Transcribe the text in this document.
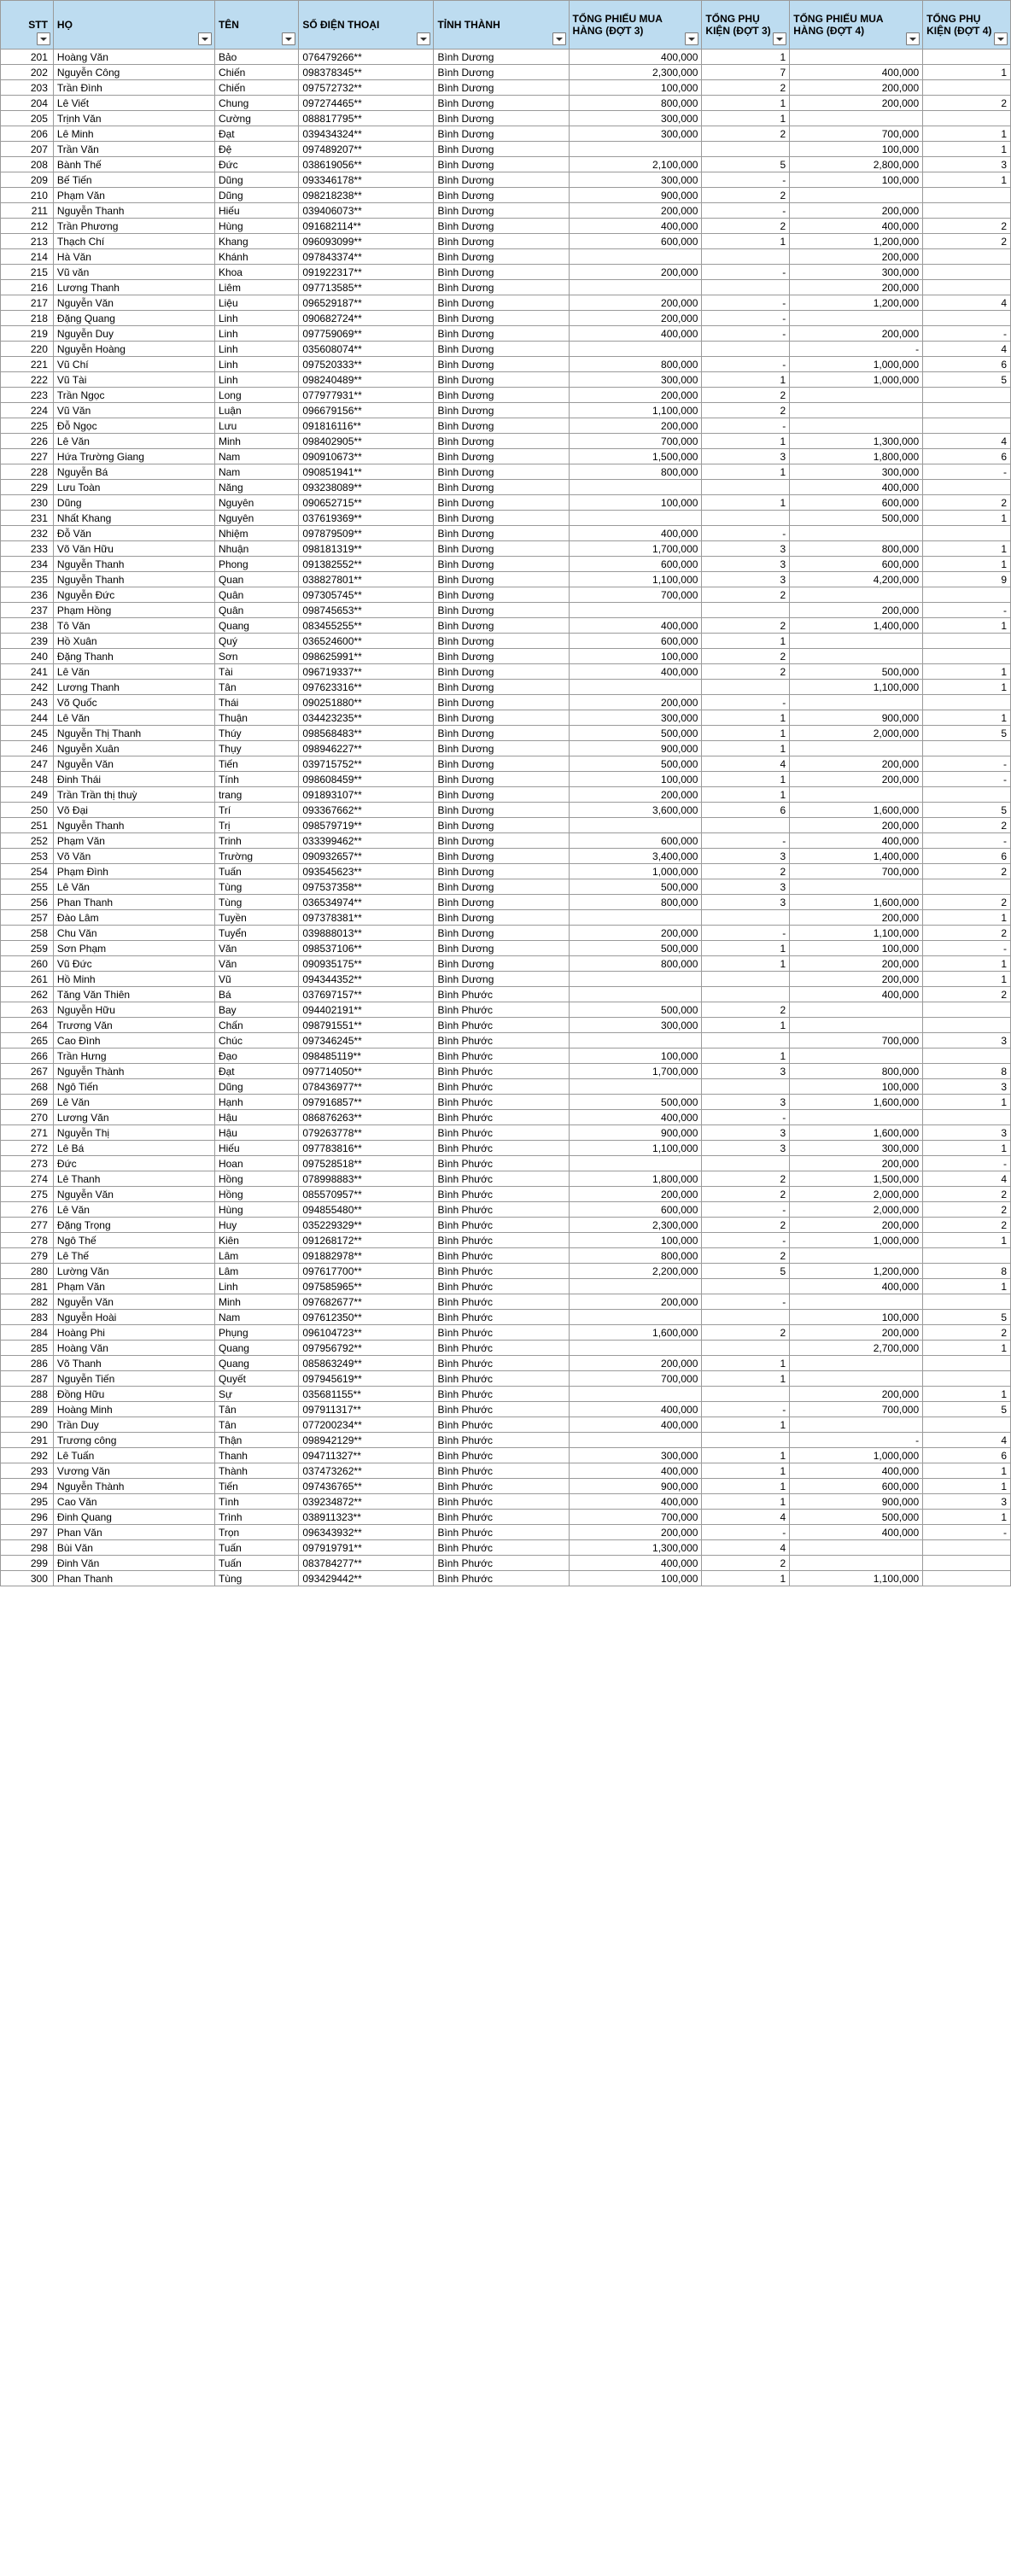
STT	HỌ	TÊN	SỐ ĐIỆN THOẠI	TỈNH THÀNH	TỔNG PHIẾU MUA HÀNG (ĐỢT 3)	TỔNG PHỤ KIỆN (ĐỢT 3)	TỔNG PHIẾU MUA HÀNG (ĐỢT 4)	TỔNG PHỤ KIỆN (ĐỢT 4)

201	Hoàng Văn	Bảo	076479266**	Bình Dương	400,000	1		
202	Nguyễn Công	Chiến	098378345**	Bình Dương	2,300,000	7	400,000	1
203	Trần Đình	Chiến	097572732**	Bình Dương	100,000	2	200,000	
204	Lê Viết	Chung	097274465**	Bình Dương	800,000	1	200,000	2
205	Trịnh Văn	Cường	088817795**	Bình Dương	300,000	1		
206	Lê Minh	Đạt	039434324**	Bình Dương	300,000	2	700,000	1
207	Trần Văn	Đệ	097489207**	Bình Dương			100,000	1
208	Bành Thế	Đức	038619056**	Bình Dương	2,100,000	5	2,800,000	3
209	Bế Tiến	Dũng	093346178**	Bình Dương	300,000	-	100,000	1
210	Phạm Văn	Dũng	098218238**	Bình Dương	900,000	2		
211	Nguyễn Thanh	Hiếu	039406073**	Bình Dương	200,000	-	200,000	
212	Trần Phương	Hùng	091682114**	Bình Dương	400,000	2	400,000	2
213	Thạch Chí	Khang	096093099**	Bình Dương	600,000	1	1,200,000	2
214	Hà Văn	Khánh	097843374**	Bình Dương			200,000	
215	Vũ văn	Khoa	091922317**	Bình Dương	200,000	-	300,000	
216	Lương Thanh	Liêm	097713585**	Bình Dương			200,000	
217	Nguyễn Văn	Liệu	096529187**	Bình Dương	200,000	-	1,200,000	4
218	Đặng Quang	Linh	090682724**	Bình Dương	200,000	-		
219	Nguyễn Duy	Linh	097759069**	Bình Dương	400,000	-	200,000	-
220	Nguyễn Hoàng	Linh	035608074**	Bình Dương			-	4
221	Vũ Chí	Linh	097520333**	Bình Dương	800,000	-	1,000,000	6
222	Vũ Tài	Linh	098240489**	Bình Dương	300,000	1	1,000,000	5
223	Trần Ngọc	Long	077977931**	Bình Dương	200,000	2		
224	Vũ Văn	Luận	096679156**	Bình Dương	1,100,000	2		
225	Đỗ Ngọc	Lưu	091816116**	Bình Dương	200,000	-		
226	Lê Văn	Minh	098402905**	Bình Dương	700,000	1	1,300,000	4
227	Hứa Trường Giang	Nam	090910673**	Bình Dương	1,500,000	3	1,800,000	6
228	Nguyễn Bá	Nam	090851941**	Bình Dương	800,000	1	300,000	-
229	Lưu Toàn	Năng	093238089**	Bình Dương			400,000	
230	Dũng	Nguyên	090652715**	Bình Dương	100,000	1	600,000	2
231	Nhất Khang	Nguyên	037619369**	Bình Dương			500,000	1
232	Đỗ Văn	Nhiệm	097879509**	Bình Dương	400,000	-		
233	Võ Văn Hữu	Nhuận	098181319**	Bình Dương	1,700,000	3	800,000	1
234	Nguyễn Thanh	Phong	091382552**	Bình Dương	600,000	3	600,000	1
235	Nguyễn Thanh	Quan	038827801**	Bình Dương	1,100,000	3	4,200,000	9
236	Nguyễn Đức	Quân	097305745**	Bình Dương	700,000	2		
237	Phạm Hồng	Quân	098745653**	Bình Dương			200,000	-
238	Tô Văn	Quang	083455255**	Bình Dương	400,000	2	1,400,000	1
239	Hồ Xuân	Quý	036524600**	Bình Dương	600,000	1		
240	Đặng Thanh	Sơn	098625991**	Bình Dương	100,000	2		
241	Lê Văn	Tài	096719337**	Bình Dương	400,000	2	500,000	1
242	Lương Thanh	Tân	097623316**	Bình Dương			1,100,000	1
243	Võ Quốc	Thái	090251880**	Bình Dương	200,000	-		
244	Lê Văn	Thuận	034423235**	Bình Dương	300,000	1	900,000	1
245	Nguyễn Thị Thanh	Thúy	098568483**	Bình Dương	500,000	1	2,000,000	5
246	Nguyễn Xuân	Thụy	098946227**	Bình Dương	900,000	1		
247	Nguyễn Văn	Tiến	039715752**	Bình Dương	500,000	4	200,000	-
248	Đinh Thái	Tính	098608459**	Bình Dương	100,000	1	200,000	-
249	Trần Trần thị thuỳ	trang	091893107**	Bình Dương	200,000	1		
250	Võ Đại	Trí	093367662**	Bình Dương	3,600,000	6	1,600,000	5
251	Nguyễn Thanh	Trị	098579719**	Bình Dương			200,000	2
252	Phạm Văn	Trinh	033399462**	Bình Dương	600,000	-	400,000	-
253	Võ Văn	Trường	090932657**	Bình Dương	3,400,000	3	1,400,000	6
254	Phạm Đình	Tuấn	093545623**	Bình Dương	1,000,000	2	700,000	2
255	Lê Văn	Tùng	097537358**	Bình Dương	500,000	3		
256	Phan Thanh	Tùng	036534974**	Bình Dương	800,000	3	1,600,000	2
257	Đào Lâm	Tuyền	097378381**	Bình Dương			200,000	1
258	Chu Văn	Tuyển	039888013**	Bình Dương	200,000	-	1,100,000	2
259	Sơn Phạm	Văn	098537106**	Bình Dương	500,000	1	100,000	-
260	Vũ Đức	Văn	090935175**	Bình Dương	800,000	1	200,000	1
261	Hồ Minh	Vũ	094344352**	Bình Dương			200,000	1
262	Tăng Văn Thiên	Bá	037697157**	Bình Phước			400,000	2
263	Nguyễn Hữu	Bay	094402191**	Bình Phước	500,000	2		
264	Trương Văn	Chấn	098791551**	Bình Phước	300,000	1		
265	Cao Đình	Chúc	097346245**	Bình Phước			700,000	3
266	Trần Hưng	Đạo	098485119**	Bình Phước	100,000	1		
267	Nguyễn Thành	Đạt	097714050**	Bình Phước	1,700,000	3	800,000	8
268	Ngô Tiến	Dũng	078436977**	Bình Phước			100,000	3
269	Lê Văn	Hạnh	097916857**	Bình Phước	500,000	3	1,600,000	1
270	Lương Văn	Hậu	086876263**	Bình Phước	400,000	-		
271	Nguyễn Thị	Hậu	079263778**	Bình Phước	900,000	3	1,600,000	3
272	Lê Bá	Hiếu	097783816**	Bình Phước	1,100,000	3	300,000	1
273	Đức	Hoan	097528518**	Bình Phước			200,000	-
274	Lê Thanh	Hồng	078998883**	Bình Phước	1,800,000	2	1,500,000	4
275	Nguyễn Văn	Hồng	085570957**	Bình Phước	200,000	2	2,000,000	2
276	Lê Văn	Hùng	094855480**	Bình Phước	600,000	-	2,000,000	2
277	Đặng Trọng	Huy	035229329**	Bình Phước	2,300,000	2	200,000	2
278	Ngô Thế	Kiên	091268172**	Bình Phước	100,000	-	1,000,000	1
279	Lê Thế	Lâm	091882978**	Bình Phước	800,000	2		
280	Lường Văn	Lâm	097617700**	Bình Phước	2,200,000	5	1,200,000	8
281	Phạm Văn	Linh	097585965**	Bình Phước			400,000	1
282	Nguyễn Văn	Minh	097682677**	Bình Phước	200,000	-		
283	Nguyễn Hoài	Nam	097612350**	Bình Phước			100,000	5
284	Hoàng Phi	Phụng	096104723**	Bình Phước	1,600,000	2	200,000	2
285	Hoàng Văn	Quang	097956792**	Bình Phước			2,700,000	1
286	Võ Thanh	Quang	085863249**	Bình Phước	200,000	1		
287	Nguyễn Tiến	Quyết	097945619**	Bình Phước	700,000	1		
288	Đồng Hữu	Sự	035681155**	Bình Phước			200,000	1
289	Hoàng Minh	Tân	097911317**	Bình Phước	400,000	-	700,000	5
290	Trần Duy	Tân	077200234**	Bình Phước	400,000	1		
291	Trương công	Thận	098942129**	Bình Phước			-	4
292	Lê Tuấn	Thanh	094711327**	Bình Phước	300,000	1	1,000,000	6
293	Vương Văn	Thành	037473262**	Bình Phước	400,000	1	400,000	1
294	Nguyễn Thành	Tiến	097436765**	Bình Phước	900,000	1	600,000	1
295	Cao Văn	Tình	039234872**	Bình Phước	400,000	1	900,000	3
296	Đinh Quang	Trình	038911323**	Bình Phước	700,000	4	500,000	1
297	Phan Văn	Trọn	096343932**	Bình Phước	200,000	-	400,000	-
298	Bùi Văn	Tuấn	097919791**	Bình Phước	1,300,000	4		
299	Đinh Văn	Tuấn	083784277**	Bình Phước	400,000	2		
300	Phan Thanh	Tùng	093429442**	Bình Phước	100,000	1	1,100,000	
